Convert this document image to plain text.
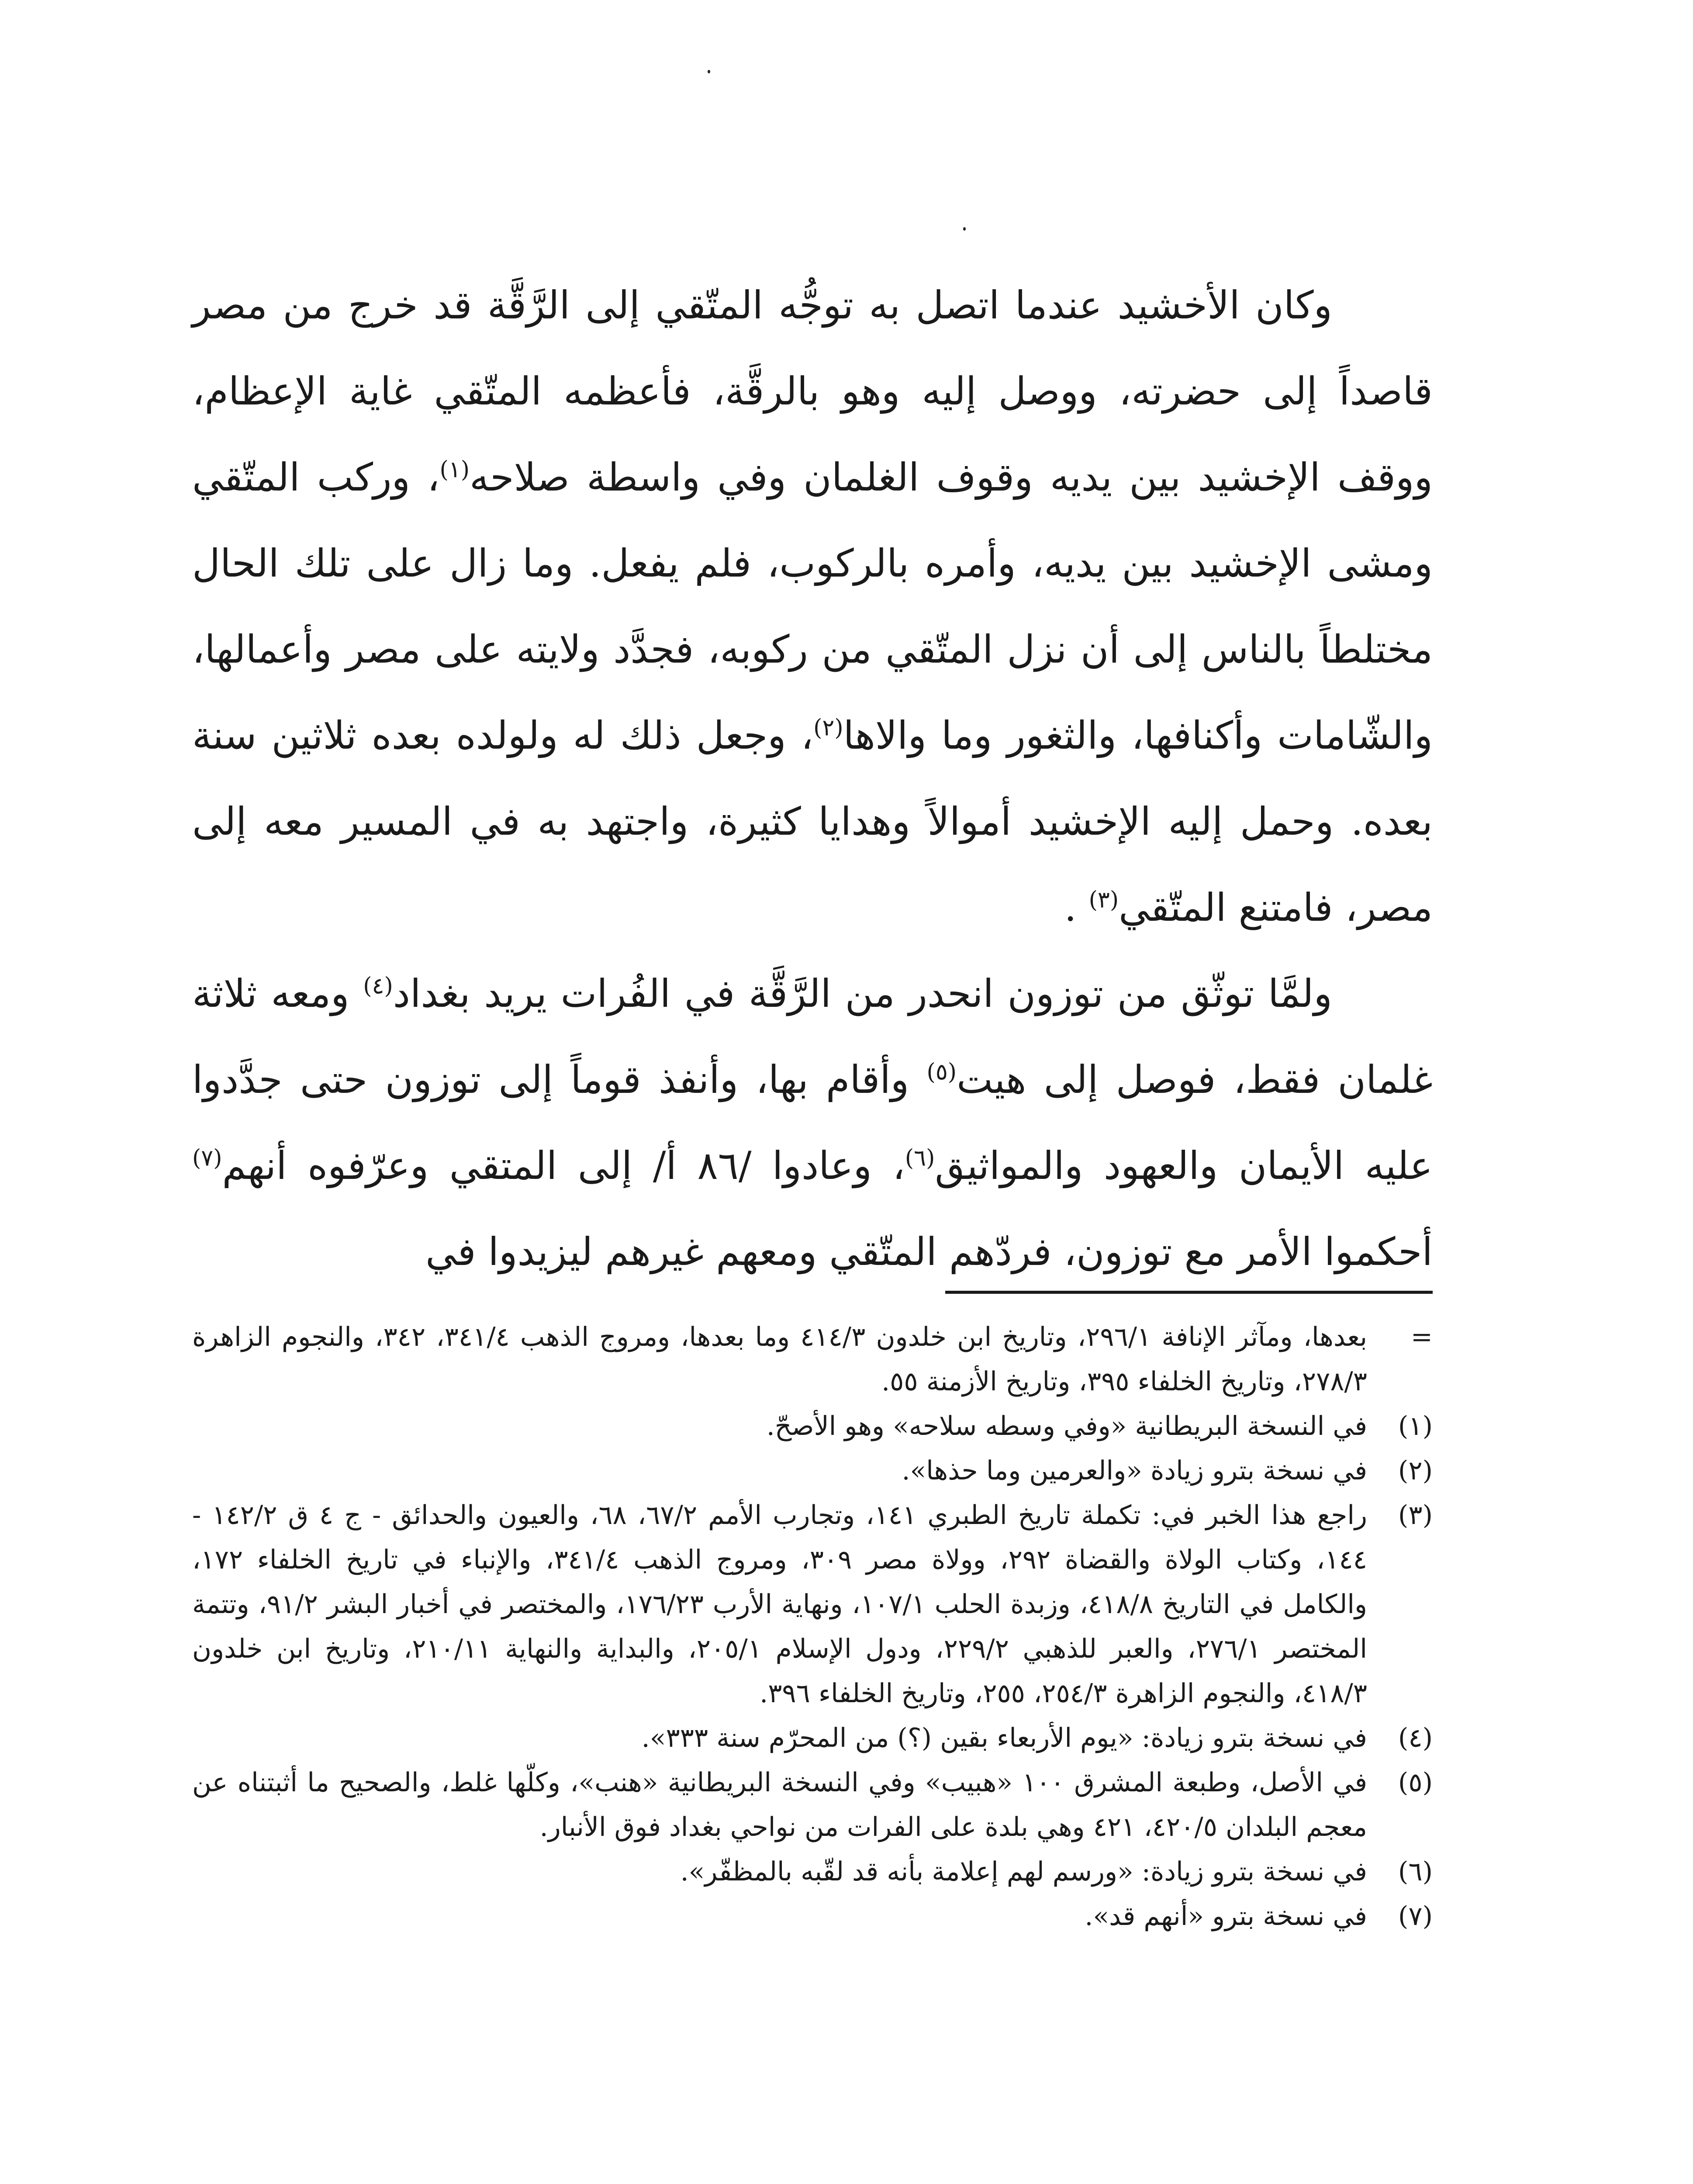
وكان الأخشيد عندما اتصل به توجُّه المتّقي إلى الرَّقَّة قد خرج من مصر قاصداً إلى حضرته، ووصل إليه وهو بالرقَّة، فأعظمه المتّقي غاية الإعظام، ووقف الإخشيد بين يديه وقوف الغلمان وفي واسطة صلاحه$^{(١)}$، وركب المتّقي ومشى الإخشيد بين يديه، وأمره بالركوب، فلم يفعل. وما زال على تلك الحال مختلطاً بالناس إلى أن نزل المتّقي من ركوبه، فجدَّد ولايته على مصر وأعمالها، والشّامات وأكنافها، والثغور وما والاها$^{(٢)}$، وجعل ذلك له ولولده بعده ثلاثين سنة بعده. وحمل إليه الإخشيد أموالاً وهدايا كثيرة، واجتهد به في المسير معه إلى مصر، فامتنع المتّقي$^{(٣)}$ .

ولمَّا توثّق من توزون انحدر من الرَّقَّة في الفُرات يريد بغداد$^{(٤)}$ ومعه ثلاثة غلمان فقط، فوصل إلى هيت$^{(٥)}$ وأقام بها، وأنفذ قوماً إلى توزون حتى جدَّدوا عليه الأيمان والعهود والمواثيق$^{(٦)}$، وعادوا /٨٦ أ/ إلى المتقي وعرّفوه أنهم$^{(٧)}$ أحكموا الأمر مع توزون، فردّهم المتّقي ومعهم غيرهم ليزيدوا في

=
بعدها، ومآثر الإنافة ٢٩٦/١، وتاريخ ابن خلدون ٤١٤/٣ وما بعدها، ومروج الذهب ٣٤١/٤، ٣٤٢، والنجوم الزاهرة ٢٧٨/٣، وتاريخ الخلفاء ٣٩٥، وتاريخ الأزمنة ٥٥.
(١)
في النسخة البريطانية «وفي وسطه سلاحه» وهو الأصحّ.
(٢)
في نسخة بترو زيادة «والعرمين وما حذها».
(٣)
راجع هذا الخبر في: تكملة تاريخ الطبري ١٤١، وتجارب الأمم ٦٧/٢، ٦٨، والعيون والحدائق - ج ٤ ق ١٤٢/٢ - ١٤٤، وكتاب الولاة والقضاة ٢٩٢، وولاة مصر ٣٠٩، ومروج الذهب ٣٤١/٤، والإنباء في تاريخ الخلفاء ١٧٢، والكامل في التاريخ ٤١٨/٨، وزبدة الحلب ١٠٧/١، ونهاية الأرب ١٧٦/٢٣، والمختصر في أخبار البشر ٩١/٢، وتتمة المختصر ٢٧٦/١، والعبر للذهبي ٢٢٩/٢، ودول الإسلام ٢٠٥/١، والبداية والنهاية ٢١٠/١١، وتاريخ ابن خلدون ٤١٨/٣، والنجوم الزاهرة ٢٥٤/٣، ٢٥٥، وتاريخ الخلفاء ٣٩٦.
(٤)
في نسخة بترو زيادة: «يوم الأربعاء بقين (؟) من المحرّم سنة ٣٣٣».
(٥)
في الأصل، وطبعة المشرق ١٠٠ «هبيب» وفي النسخة البريطانية «هنب»، وكلّها غلط، والصحيح ما أثبتناه عن معجم البلدان ٤٢٠/٥، ٤٢١ وهي بلدة على الفرات من نواحي بغداد فوق الأنبار.
(٦)
في نسخة بترو زيادة: «ورسم لهم إعلامة بأنه قد لقّبه بالمظفّر».
(٧)
في نسخة بترو «أنهم قد».
